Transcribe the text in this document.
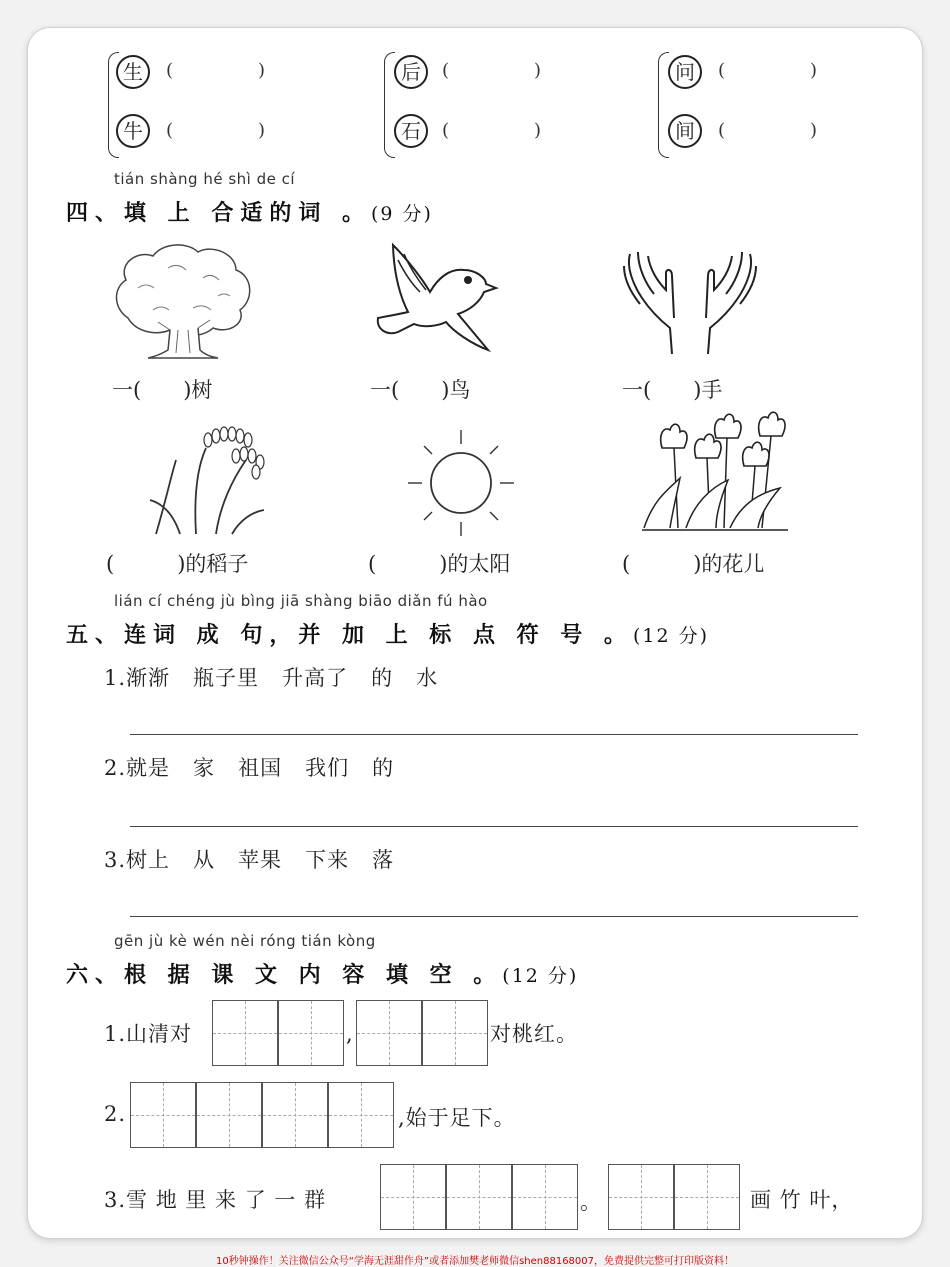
生	(	)
牛	(	)
后	(	)
石	(	)
问	(	)
间	(	)
tián shàng hé shì de cí
四、填 上 合适的词 。(9 分)
一(　　)树	一(　　)鸟	一(　　)手
(　　　)的稻子	(　　　)的太阳	(　　　)的花儿
lián cí chéng jù bìng jiā shàng biāo diǎn fú hào
五、连词 成 句，并 加 上 标 点 符 号 。(12 分)
1.渐渐   瓶子里   升高了   的   水
2.就是   家   祖国   我们   的
3.树上   从   苹果   下来   落
gēn jù kè wén nèi róng tián kòng
六、根 据 课 文 内 容 填 空 。(12 分)
1.山清对	,	对桃红。
2.	,始于足下。
3.雪 地 里 来 了 一 群	。	画 竹 叶，
10秒钟操作！关注微信公众号“学海无涯甜作舟”或者添加樊老师微信shen88168007，免费提供完整可打印版资料！
